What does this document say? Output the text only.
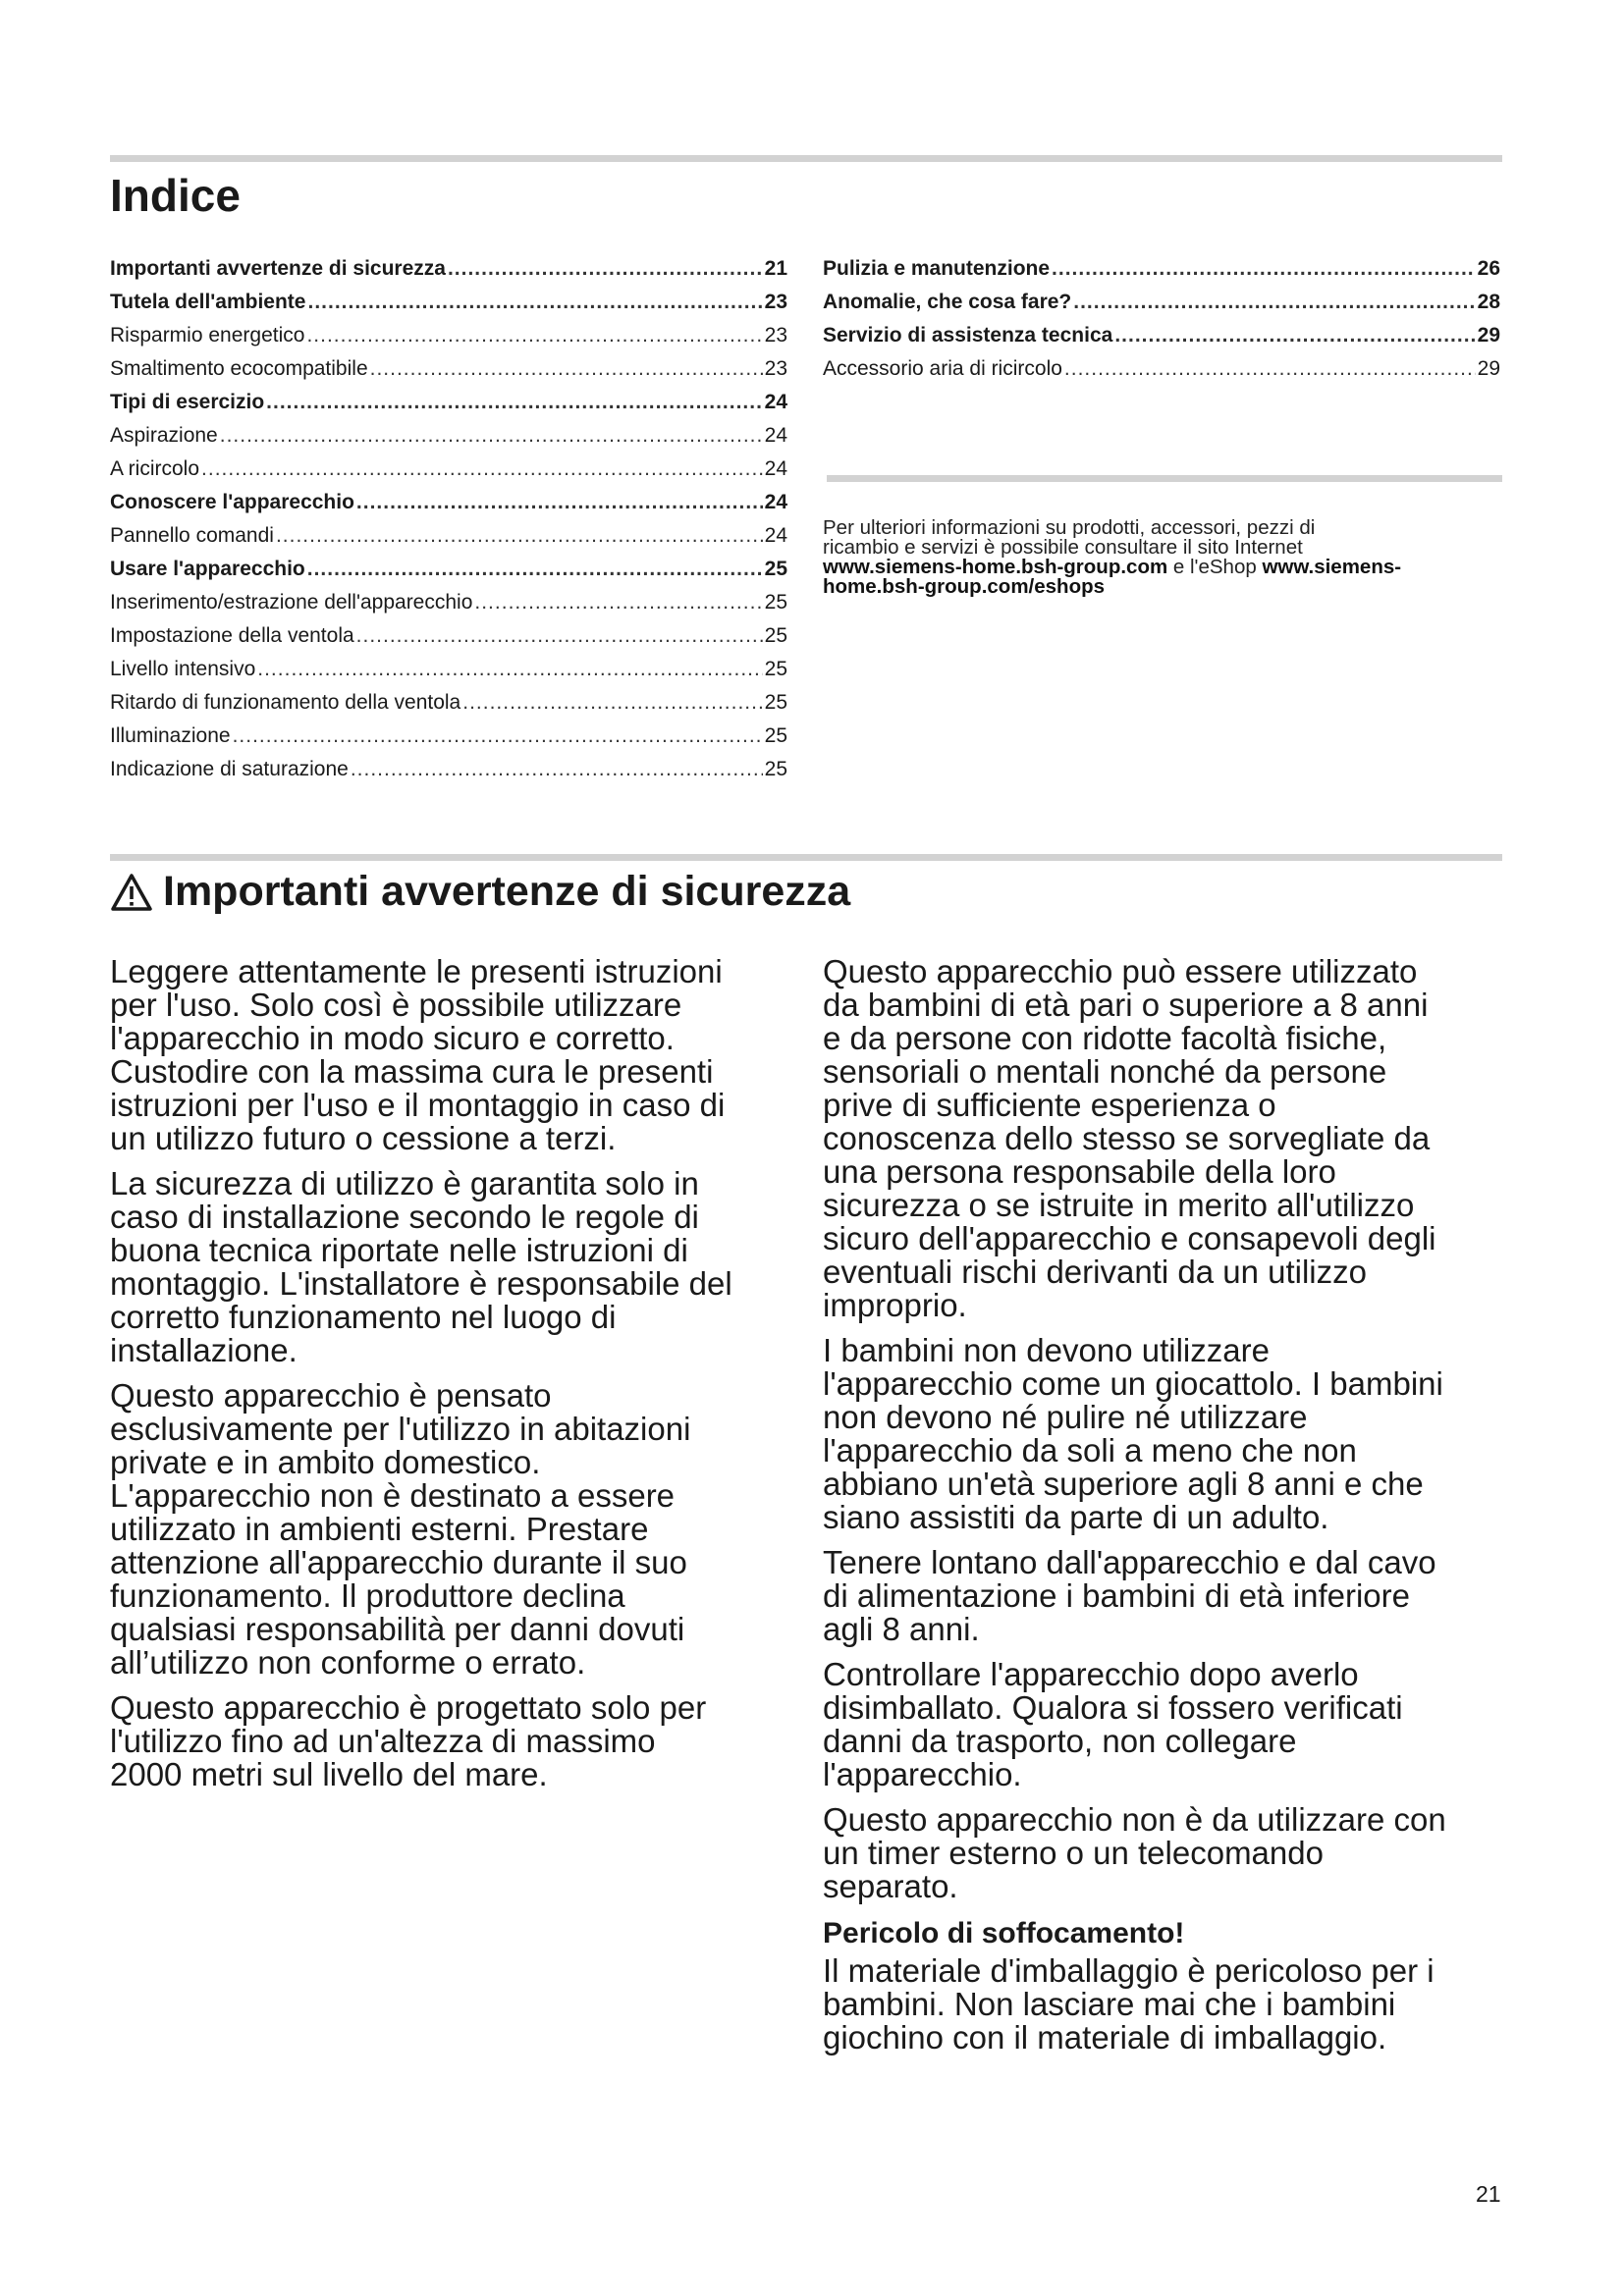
Indice
Importanti avvertenze di sicurezza .....	21
Tutela dell'ambiente .....	23
Risparmio energetico .....	23
Smaltimento ecocompatibile .....	23
Tipi di esercizio .....	24
Aspirazione .....	24
A ricircolo .....	24
Conoscere l'apparecchio .....	24
Pannello comandi .....	24
Usare l'apparecchio .....	25
Inserimento/estrazione dell'apparecchio .....	25
Impostazione della ventola .....	25
Livello intensivo .....	25
Ritardo di funzionamento della ventola .....	25
Illuminazione .....	25
Indicazione di saturazione .....	25
Pulizia e manutenzione .....	26
Anomalie, che cosa fare? .....	28
Servizio di assistenza tecnica .....	29
Accessorio aria di ricircolo .....	29
Per ulteriori informazioni su prodotti, accessori, pezzi di
ricambio e servizi è possibile consultare il sito Internet
www.siemens-home.bsh-group.com e l'eShop www.siemens-
home.bsh-group.com/eshops
Importanti avvertenze di sicurezza

Leggere attentamente le presenti istruzioni
per l'uso. Solo così è possibile utilizzare
l'apparecchio in modo sicuro e corretto.
Custodire con la massima cura le presenti
istruzioni per l'uso e il montaggio in caso di
un utilizzo futuro o cessione a terzi.

La sicurezza di utilizzo è garantita solo in
caso di installazione secondo le regole di
buona tecnica riportate nelle istruzioni di
montaggio. L'installatore è responsabile del
corretto funzionamento nel luogo di
installazione.

Questo apparecchio è pensato
esclusivamente per l'utilizzo in abitazioni
private e in ambito domestico.
L'apparecchio non è destinato a essere
utilizzato in ambienti esterni. Prestare
attenzione all'apparecchio durante il suo
funzionamento. Il produttore declina
qualsiasi responsabilità per danni dovuti
all’utilizzo non conforme o errato.

Questo apparecchio è progettato solo per
l'utilizzo fino ad un'altezza di massimo
2000 metri sul livello del mare.

Questo apparecchio può essere utilizzato
da bambini di età pari o superiore a 8 anni
e da persone con ridotte facoltà fisiche,
sensoriali o mentali nonché da persone
prive di sufficiente esperienza o
conoscenza dello stesso se sorvegliate da
una persona responsabile della loro
sicurezza o se istruite in merito all'utilizzo
sicuro dell'apparecchio e consapevoli degli
eventuali rischi derivanti da un utilizzo
improprio.

I bambini non devono utilizzare
l'apparecchio come un giocattolo. I bambini
non devono né pulire né utilizzare
l'apparecchio da soli a meno che non
abbiano un'età superiore agli 8 anni e che
siano assistiti da parte di un adulto.

Tenere lontano dall'apparecchio e dal cavo
di alimentazione i bambini di età inferiore
agli 8 anni.

Controllare l'apparecchio dopo averlo
disimballato. Qualora si fossero verificati
danni da trasporto, non collegare
l'apparecchio.

Questo apparecchio non è da utilizzare con
un timer esterno o un telecomando
separato.

Pericolo di soffocamento!

Il materiale d'imballaggio è pericoloso per i
bambini. Non lasciare mai che i bambini
giochino con il materiale di imballaggio.

21
